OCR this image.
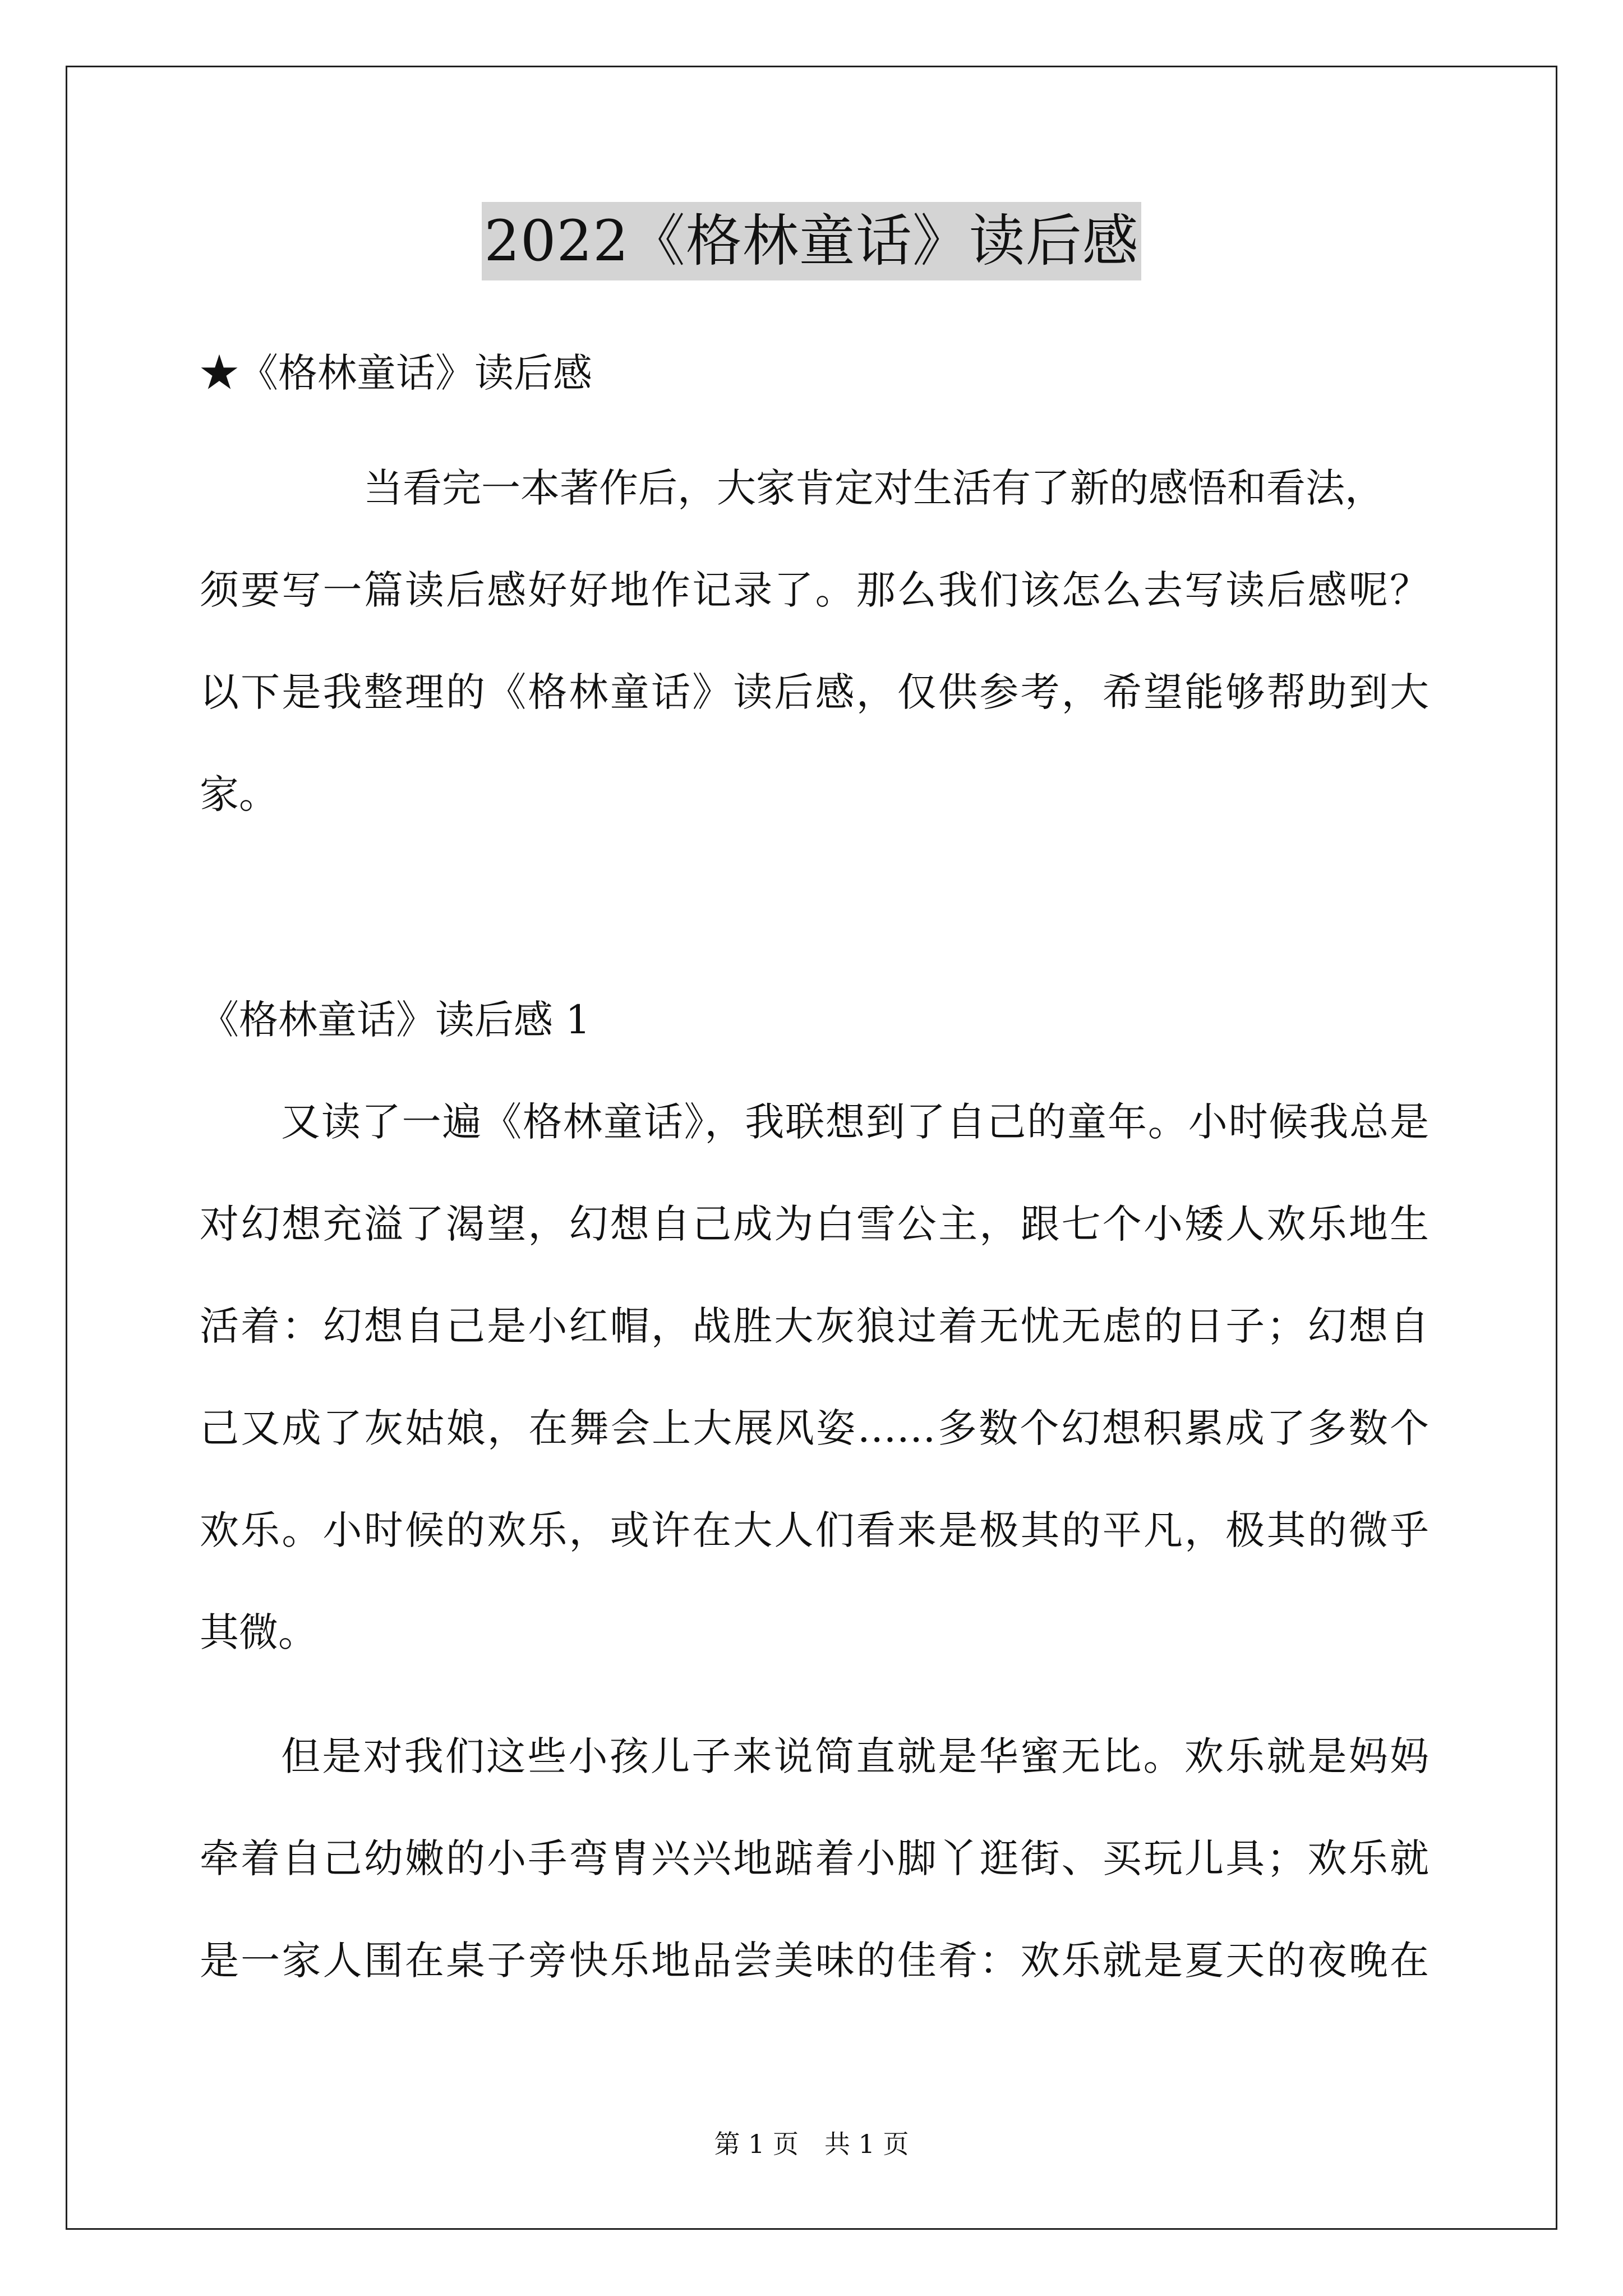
2022《格林童话》读后感
★《格林童话》读后感
当看完一本著作后，大家肯定对生活有了新的感悟和看法，
须要写一篇读后感好好地作记录了。那么我们该怎么去写读后感呢？
以下是我整理的《格林童话》读后感，仅供参考，希望能够帮助到大
家。
《格林童话》读后感 1
又读了一遍《格林童话》，我联想到了自己的童年。小时候我总是
对幻想充溢了渴望，幻想自己成为白雪公主，跟七个小矮人欢乐地生
活着：幻想自己是小红帽，战胜大灰狼过着无忧无虑的日子；幻想自
己又成了灰姑娘，在舞会上大展风姿……多数个幻想积累成了多数个
欢乐。小时候的欢乐，或许在大人们看来是极其的平凡，极其的微乎
其微。
但是对我们这些小孩儿子来说简直就是华蜜无比。欢乐就是妈妈
牵着自己幼嫩的小手弯胄兴兴地踮着小脚丫逛街、买玩儿具；欢乐就
是一家人围在桌子旁快乐地品尝美味的佳肴：欢乐就是夏天的夜晚在
第 1 页　共 1 页
